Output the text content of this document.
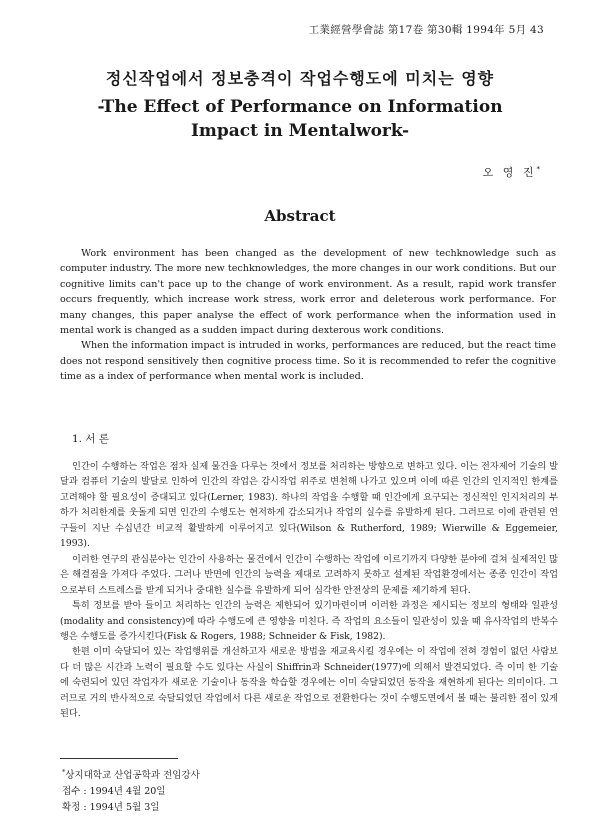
工業經營學會誌 第17卷 第30輯 1994年 5月 43
정신작업에서 정보충격이 작업수행도에 미치는 영향
-The Effect of Performance on Information
Impact in Mentalwork-
오 영 진*
Abstract

Work environment has been changed as the development of new techknowledge such as computer industry. The more new techknowledges, the more changes in our work conditions. But our cognitive limits can't pace up to the change of work environment. As a result, rapid work transfer occurs frequently, which increase work stress, work error and deleterous work performance. For many changes, this paper analyse the effect of work performance when the information used in mental work is changed as a sudden impact during dexterous work conditions.

When the information impact is intruded in works, performances are reduced, but the react time does not respond sensitively then cognitive process time. So it is recommended to refer the cognitive time as a index of performance when mental work is included.

1. 서 론

인간이 수행하는 작업은 점차 실제 물건을 다루는 것에서 정보를 처리하는 방향으로 변하고 있다. 이는 전자제어 기술의 발달과 컴퓨터 기술의 발달로 인하여 인간의 작업은 감시작업 위주로 변천해 나가고 있으며 이에 따른 인간의 인지적인 한계를 고려해야 할 필요성이 증대되고 있다(Lerner, 1983). 하나의 작업을 수행할 때 인간에게 요구되는 정신적인 인지처리의 부하가 처리한계를 웃돌게 되면 인간의 수행도는 현저하게 감소되거나 작업의 실수를 유발하게 된다. 그러므로 이에 관련된 연구들이 지난 수십년간 비교적 활발하게 이루어지고 있다(Wilson & Rutherford, 1989; Wierwille & Eggemeier, 1993).

이러한 연구의 관심분야는 인간이 사용하는 물건에서 인간이 수행하는 작업에 이르기까지 다양한 분야에 걸쳐 실제적인 많은 해결점을 가져다 주었다. 그러나 반면에 인간의 능력을 제대로 고려하지 못하고 설계된 작업환경에서는 종종 인간이 작업으로부터 스트레스를 받게 되거나 중대한 실수를 유발하게 되어 심각한 안전상의 문제를 제기하게 된다.

특히 정보를 받아 들이고 처리하는 인간의 능력은 제한되어 있기마련이며 이러한 과정은 제시되는 정보의 형태와 일관성(modality and consistency)에 따라 수행도에 큰 영향을 미친다. 즉 작업의 요소들이 일관성이 있을 때 유사작업의 반복수행은 수행도를 증가시킨다(Fisk & Rogers, 1988; Schneider & Fisk, 1982).

한편 이미 숙달되어 있는 작업행위를 개선하고자 새로운 방법을 재교육시킬 경우에는 이 작업에 전혀 경험이 없던 사람보다 더 많은 시간과 노력이 필요할 수도 있다는 사실이 Shiffrin과 Schneider(1977)에 의해서 발견되었다. 즉 이미 한 기술에 숙련되어 있던 작업자가 새로운 기술이나 동작을 학습할 경우에는 이미 숙달되었던 동작을 재현하게 된다는 의미이다. 그러므로 거의 반사적으로 숙달되었던 작업에서 다른 새로운 작업으로 전환한다는 것이 수행도면에서 볼 때는 불리한 점이 있게 된다.

*상지대학교 산업공학과 전임강사
접수 : 1994년 4월 20일
확정 : 1994년 5월 3일
